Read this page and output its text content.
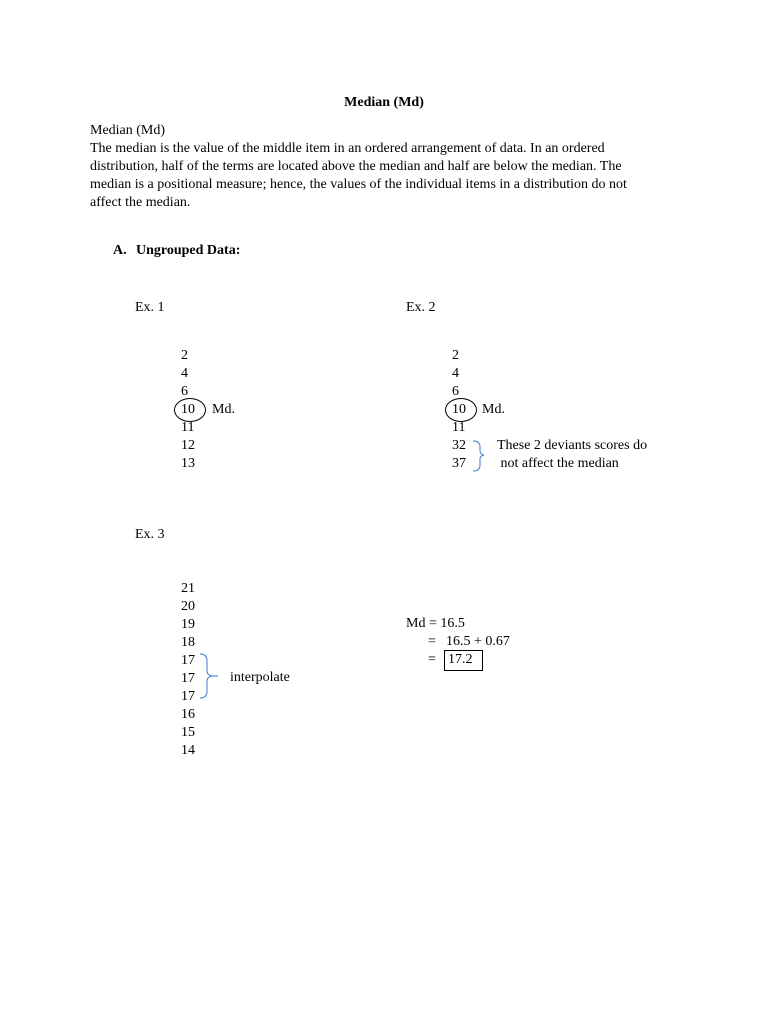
Median (Md)
Median (Md)
The median is the value of the middle item in an ordered arrangement of data. In an ordered
distribution, half of the terms are located above the median and half are below the median. The
median is a positional measure; hence, the values of the individual items in a distribution do not
affect the median.
A. Ungrouped Data:
Ex. 1
2
4
6
10
11
12
13
Md.
Ex. 2
2
4
6
10
11
32
37
Md.
These 2 deviants scores do
not affect the median
Ex. 3
21
20
19
18
17
17
17
16
15
14
interpolate
Md = 16.5
= 16.5 + 0.67
= 17.2
